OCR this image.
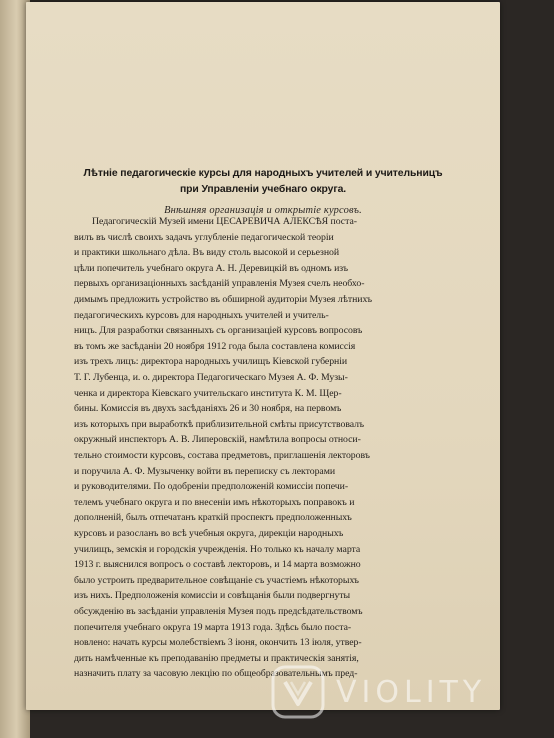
Лѣтніе педагогическіе курсы для народныхъ учителей и учительницъ
при Управленіи учебнаго округа.
Внѣшняя организація и открытіе курсовъ.
Педагогическій Музей имени ЦЕСАРЕВИЧА АЛЕКСѢЯ поста-
вилъ въ числѣ своихъ задачъ углубленіе педагогической теоріи
и практики школьнаго дѣла. Въ виду столь высокой и серьезной
цѣли попечитель учебнаго округа А. Н. Деревицкій въ одномъ изъ
первыхъ организаціонныхъ засѣданій управленія Музея счелъ необхо-
димымъ предложить устройство въ обширной аудиторіи Музея лѣтнихъ
педагогическихъ курсовъ для народныхъ учителей и учитель-
ницъ. Для разработки связанныхъ съ организаціей курсовъ вопросовъ
въ томъ же засѣданіи 20 ноября 1912 года была составлена комиссія
изъ трехъ лицъ: директора народныхъ училищъ Кіевской губерніи
Т. Г. Лубенца, и. о. директора Педагогическаго Музея А. Ф. Музы-
ченка и директора Кіевскаго учительскаго института К. М. Щер-
бины. Комиссія въ двухъ засѣданіяхъ 26 и 30 ноября, на первомъ
изъ которыхъ при выработкѣ приблизительной смѣты присутствовалъ
окружный инспекторъ А. В. Липеровскій, намѣтила вопросы относи-
тельно стоимости курсовъ, состава предметовъ, приглашенія лекторовъ
и поручила А. Ф. Музыченку войти въ переписку съ лекторами
и руководителями. По одобреніи предположеній комиссіи попечи-
телемъ учебнаго округа и по внесеніи имъ нѣкоторыхъ поправокъ и
дополненій, былъ отпечатанъ краткій проспектъ предположенныхъ
курсовъ и разосланъ во всѣ учебныя округа, дирекціи народныхъ
училищъ, земскія и городскія учрежденія. Но только къ началу марта
1913 г. выяснился вопросъ о составѣ лекторовъ, и 14 марта возможно
было устроить предварительное совѣщаніе съ участіемъ нѣкоторыхъ
изъ нихъ. Предположенія комиссіи и совѣщанія были подвергнуты
обсужденію въ засѣданіи управленія Музея подъ предсѣдательствомъ
попечителя учебнаго округа 19 марта 1913 года. Здѣсь было поста-
новлено: начать курсы молебствіемъ 3 іюня, окончить 13 іюля, утвер-
дить намѣченные къ преподаванію предметы и практическія занятія,
назначить плату за часовую лекцію по общеобразовательнымъ пред-
VIOLITY
